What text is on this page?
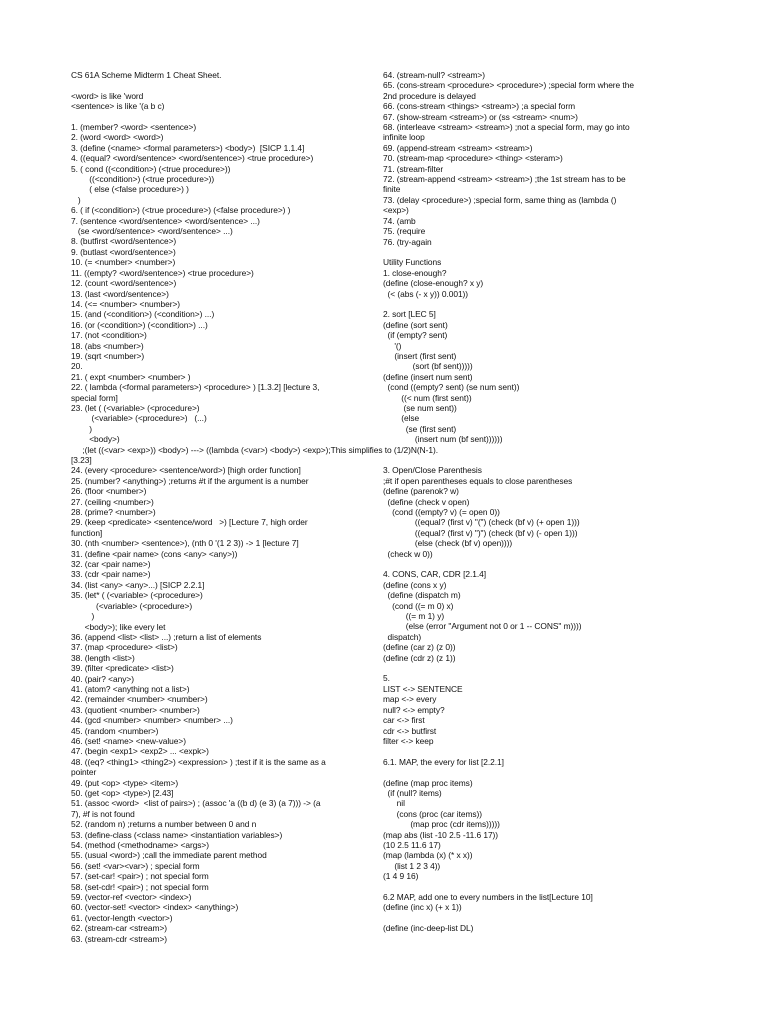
CS 61A Scheme Midterm 1 Cheat Sheet.
<word> is like 'word
<sentence> is like '(a b c)
1. (member? <word> <sentence>)
2. (word <word> <word>)
3. (define (<name> <formal parameters>) <body>)  [SICP 1.1.4]
4. ((equal? <word/sentence> <word/sentence>) <true procedure>)
5. ( cond ((<condition>) (<true procedure>))
((<condition>) (<true procedure>))
( else (<false procedure>) )
)
6. ( if (<condition>) (<true procedure>) (<false procedure>) )
7. (sentence <word/sentence> <word/sentence> ...)
(se <word/sentence> <word/sentence> ...)
8. (butfirst <word/sentence>)
9. (butlast <word/sentence>)
10. (= <number> <number>)
11. ((empty? <word/sentence>) <true procedure>)
12. (count <word/sentence>)
13. (last <word/sentence>)
14. (<= <number> <number>)
15. (and (<condition>) (<condition>) ...)
16. (or (<condition>) (<condition>) ...)
17. (not <condition>)
18. (abs <number>)
19. (sqrt <number>)
20.
21. ( expt <number> <number> )
22. ( lambda (<formal parameters>) <procedure> ) [1.3.2] [lecture 3,
special form]
23. (let ( (<variable> (<procedure>)
(<variable> (<procedure>)   (...)
)
<body>)
;(let ((<var> <exp>)) <body>) ---> ((lambda (<var>) <body>) <exp>);This simplifies to (1/2)N(N-1).
[3.23]
24. (every <procedure> <sentence/word>) [high order function]
25. (number? <anything>) ;returns #t if the argument is a number
26. (floor <number>)
27. (ceiling <number>)
28. (prime? <number>)
29. (keep <predicate> <sentence/word   >) [Lecture 7, high order
function]
30. (nth <number> <sentence>), (nth 0 '(1 2 3)) -> 1 [lecture 7]
31. (define <pair name> (cons <any> <any>))
32. (car <pair name>)
33. (cdr <pair name>)
34. (list <any> <any>...) [SICP 2.2.1]
35. (let* ( (<variable> (<procedure>)
(<variable> (<procedure>)
)
<body>); like every let
36. (append <list> <list> ...) ;return a list of elements
37. (map <procedure> <list>)
38. (length <list>)
39. (filter <predicate> <list>)
40. (pair? <any>)
41. (atom? <anything not a list>)
42. (remainder <number> <number>)
43. (quotient <number> <number>)
44. (gcd <number> <number> <number> ...)
45. (random <number>)
46. (set! <name> <new-value>)
47. (begin <exp1> <exp2> ... <expk>)
48. ((eq? <thing1> <thing2>) <expression> ) ;test if it is the same as a
pointer
49. (put <op> <type> <item>)
50. (get <op> <type>) [2.43]
51. (assoc <word>  <list of pairs>) ; (assoc 'a ((b d) (e 3) (a 7))) -> (a
7), #f is not found
52. (random n) ;returns a number between 0 and n
53. (define-class (<class name> <instantiation variables>)
54. (method (<methodname> <args>)
55. (usual <word>) ;call the immediate parent method
56. (set! <var><var>) ; special form
57. (set-car! <pair>) ; not special form
58. (set-cdr! <pair>) ; not special form
59. (vector-ref <vector> <index>)
60. (vector-set! <vector> <index> <anything>)
61. (vector-length <vector>)
62. (stream-car <stream>)
63. (stream-cdr <stream>)
64. (stream-null? <stream>)
65. (cons-stream <procedure> <procedure>) ;special form where the
2nd procedure is delayed
66. (cons-stream <things> <stream>) ;a special form
67. (show-stream <stream>) or (ss <stream> <num>)
68. (interleave <stream> <stream>) ;not a special form, may go into
infinite loop
69. (append-stream <stream> <stream>)
70. (stream-map <procedure> <thing> <steram>)
71. (stream-filter
72. (stream-append <stream> <stream>) ;the 1st stream has to be
finite
73. (delay <procedure>) ;special form, same thing as (lambda ()
<exp>)
74. (amb
75. (require
76. (try-again
Utility Functions
1. close-enough?
(define (close-enough? x y)
(< (abs (- x y)) 0.001))
2. sort [LEC 5]
(define (sort sent)
(if (empty? sent)
'()
(insert (first sent)
(sort (bf sent)))))
(define (insert num sent)
(cond ((empty? sent) (se num sent))
((< num (first sent))
(se num sent))
(else
(se (first sent)
(insert num (bf sent))))))
3. Open/Close Parenthesis
;#t if open parentheses equals to close parentheses
(define (parenok? w)
(define (check v open)
(cond ((empty? v) (= open 0))
((equal? (first v) "(") (check (bf v) (+ open 1)))
((equal? (first v) ")") (check (bf v) (- open 1)))
(else (check (bf v) open))))
(check w 0))
4. CONS, CAR, CDR [2.1.4]
(define (cons x y)
(define (dispatch m)
(cond ((= m 0) x)
((= m 1) y)
(else (error "Argument not 0 or 1 -- CONS" m))))
dispatch)
(define (car z) (z 0))
(define (cdr z) (z 1))
5.
LIST <-> SENTENCE
map <-> every
null? <-> empty?
car <-> first
cdr <-> butfirst
filter <-> keep
6.1. MAP, the every for list [2.2.1]
(define (map proc items)
(if (null? items)
nil
(cons (proc (car items))
(map proc (cdr items)))))
(map abs (list -10 2.5 -11.6 17))
(10 2.5 11.6 17)
(map (lambda (x) (* x x))
(list 1 2 3 4))
(1 4 9 16)
6.2 MAP, add one to every numbers in the list[Lecture 10]
(define (inc x) (+ x 1))
(define (inc-deep-list DL)
